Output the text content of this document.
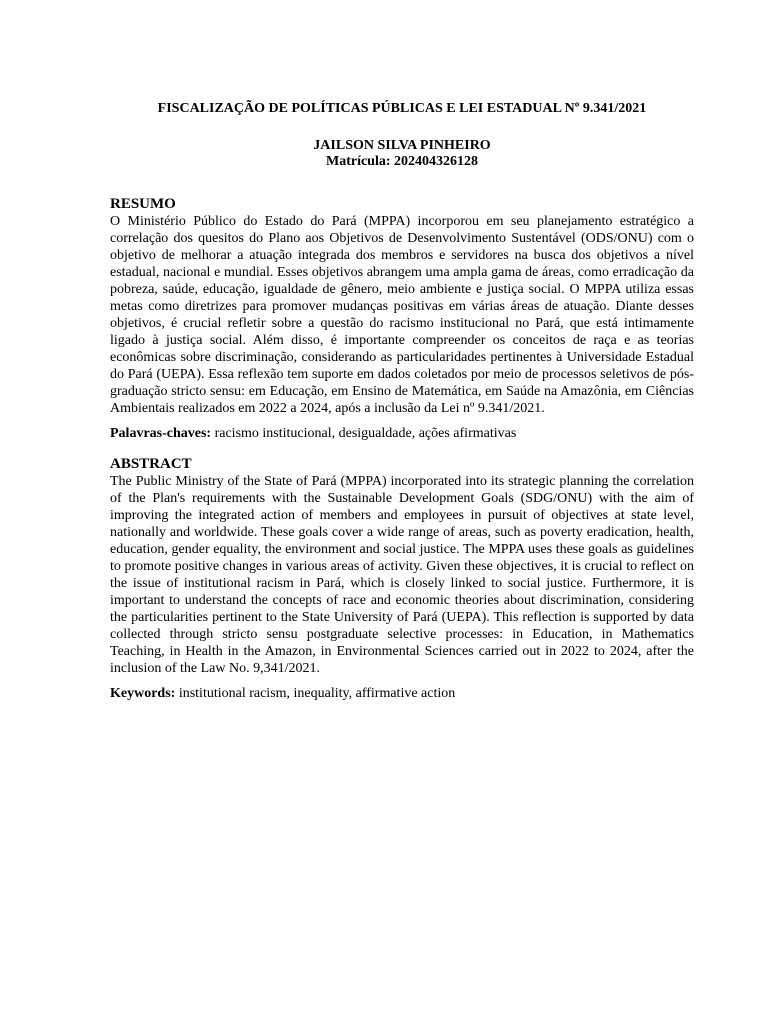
FISCALIZAÇÃO DE POLÍTICAS PÚBLICAS E LEI ESTADUAL Nº 9.341/2021

JAILSON SILVA PINHEIRO
Matrícula: 202404326128

RESUMO

O Ministério Público do Estado do Pará (MPPA) incorporou em seu planejamento estratégico a correlação dos quesitos do Plano aos Objetivos de Desenvolvimento Sustentável (ODS/ONU) com o objetivo de melhorar a atuação integrada dos membros e servidores na busca dos objetivos a nível estadual, nacional e mundial. Esses objetivos abrangem uma ampla gama de áreas, como erradicação da pobreza, saúde, educação, igualdade de gênero, meio ambiente e justiça social. O MPPA utiliza essas metas como diretrizes para promover mudanças positivas em várias áreas de atuação. Diante desses objetivos, é crucial refletir sobre a questão do racismo institucional no Pará, que está intimamente ligado à justiça social. Além disso, é importante compreender os conceitos de raça e as teorias econômicas sobre discriminação, considerando as particularidades pertinentes à Universidade Estadual do Pará (UEPA). Essa reflexão tem suporte em dados coletados por meio de processos seletivos de pós-graduação stricto sensu: em Educação, em Ensino de Matemática, em Saúde na Amazônia, em Ciências Ambientais realizados em 2022 a 2024, após a inclusão da Lei nº 9.341/2021.

Palavras-chaves: racismo institucional, desigualdade, ações afirmativas

ABSTRACT

The Public Ministry of the State of Pará (MPPA) incorporated into its strategic planning the correlation of the Plan's requirements with the Sustainable Development Goals (SDG/ONU) with the aim of improving the integrated action of members and employees in pursuit of objectives at state level, nationally and worldwide. These goals cover a wide range of areas, such as poverty eradication, health, education, gender equality, the environment and social justice. The MPPA uses these goals as guidelines to promote positive changes in various areas of activity. Given these objectives, it is crucial to reflect on the issue of institutional racism in Pará, which is closely linked to social justice. Furthermore, it is important to understand the concepts of race and economic theories about discrimination, considering the particularities pertinent to the State University of Pará (UEPA). This reflection is supported by data collected through stricto sensu postgraduate selective processes: in Education, in Mathematics Teaching, in Health in the Amazon, in Environmental Sciences carried out in 2022 to 2024, after the inclusion of the Law No. 9,341/2021.

Keywords: institutional racism, inequality, affirmative action
